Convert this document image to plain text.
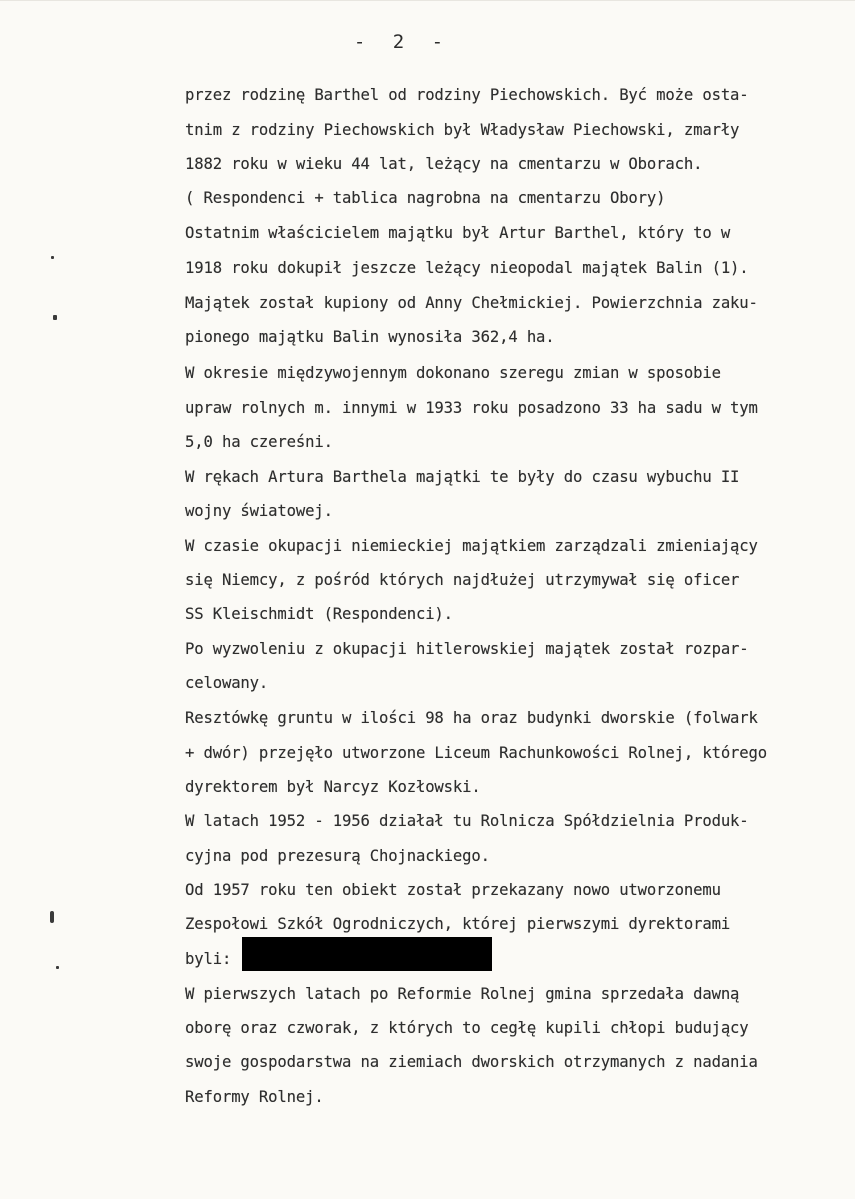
- 2 -
przez rodzinę Barthel od rodziny Piechowskich. Być może osta-
tnim z rodziny Piechowskich był Władysław Piechowski, zmarły
1882 roku w wieku 44 lat, leżący na cmentarzu w Oborach.
( Respondenci + tablica nagrobna na cmentarzu Obory)
Ostatnim właścicielem majątku był Artur Barthel, który to w
1918 roku dokupił jeszcze leżący nieopodal majątek Balin (1).
Majątek został kupiony od Anny Chełmickiej. Powierzchnia zaku-
pionego majątku Balin wynosiła 362,4 ha.
W okresie międzywojennym dokonano szeregu zmian w sposobie
upraw rolnych m. innymi w 1933 roku posadzono 33 ha sadu w tym
5,0 ha czereśni.
W rękach Artura Barthela majątki te były do czasu wybuchu II
wojny światowej.
W czasie okupacji niemieckiej majątkiem zarządzali zmieniający
się Niemcy, z pośród których najdłużej utrzymywał się oficer
SS Kleischmidt (Respondenci).
Po wyzwoleniu z okupacji hitlerowskiej majątek został rozpar-
celowany.
Resztówkę gruntu w ilości 98 ha oraz budynki dworskie (folwark
+ dwór) przejęło utworzone Liceum Rachunkowości Rolnej, którego
dyrektorem był Narcyz Kozłowski.
W latach 1952 - 1956 działał tu Rolnicza Spółdzielnia Produk-
cyjna pod prezesurą Chojnackiego.
Od 1957 roku ten obiekt został przekazany nowo utworzonemu
Zespołowi Szkół Ogrodniczych, której pierwszymi dyrektorami
byli:
W pierwszych latach po Reformie Rolnej gmina sprzedała dawną
oborę oraz czworak, z których to cegłę kupili chłopi budujący
swoje gospodarstwa na ziemiach dworskich otrzymanych z nadania
Reformy Rolnej.
